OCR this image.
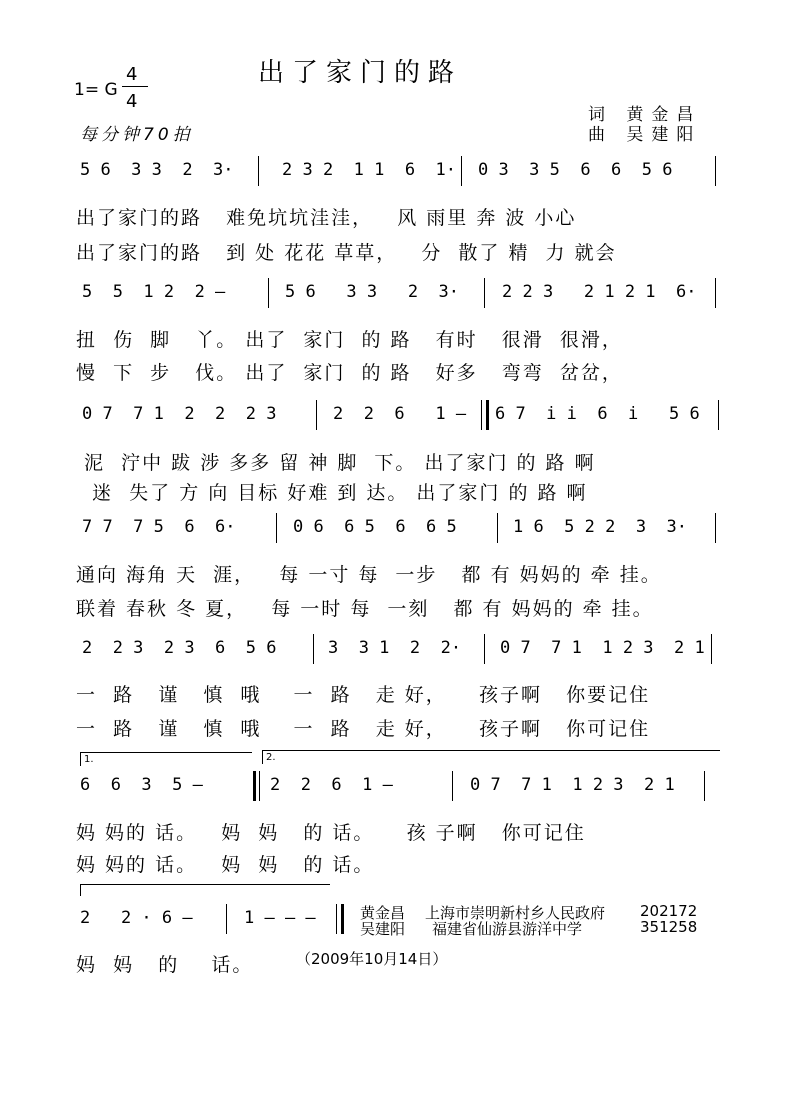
出了家门的路
1= G
4
4
每分钟70拍
词 黄金昌
曲 吴建阳
5 6  3 3  2  3·	2 3 2  1 1  6  1· 0 3  3 5  6  6  5 6
出了家门的路   难免坑坑洼洼，   风 雨里 奔 波 小心
出了家门的路   到 处 花花 草草，   分  散了 精  力 就会
5  5  1 2  2 –	5 6   3 3   2  3·	2 2 3   2 1 2 1  6·
扭  伤  脚   丫。 出了  家门  的 路   有时   很滑  很滑，
慢  下  步   伐。 出了  家门  的 路   好多   弯弯  岔岔，
0 7  7 1  2  2  2 3	2  2  6   1 – 6 7  i i  6  i   5 6
泥  泞中 跋 涉 多多 留 神 脚  下。 出了家门 的 路 啊
迷  失了 方 向 目标 好难 到 达。 出了家门 的 路 啊
7 7  7 5  6  6·	0 6  6 5  6  6 5	1 6  5 2 2  3  3·
通向 海角 天  涯，   每 一寸 每  一步   都 有 妈妈的 牵 挂。
联着 春秋 冬 夏，   每 一时 每  一刻   都 有 妈妈的 牵 挂。
2  2 3  2 3  6  5 6	3  3 1  2  2· 0 7  7 1  1 2 3  2 1
一  路   谨   慎  哦    一  路   走 好，    孩子啊   你要记住
一  路   谨   慎  哦    一  路   走 好，    孩子啊   你可记住
1.	2.
6  6  3  5 –	2  2  6  1 –	0 7  7 1  1 2 3  2 1
妈 妈的 话。   妈  妈   的 话。    孩 子啊   你可记住
妈 妈的 话。   妈  妈   的 话。
2   2 · 6 –	1 – – –
妈  妈   的    话。	（2009年10月14日）
黄金昌 上海市崇明新村乡人民政府 202172
吴建阳 福建省仙游县游洋中学	351258
